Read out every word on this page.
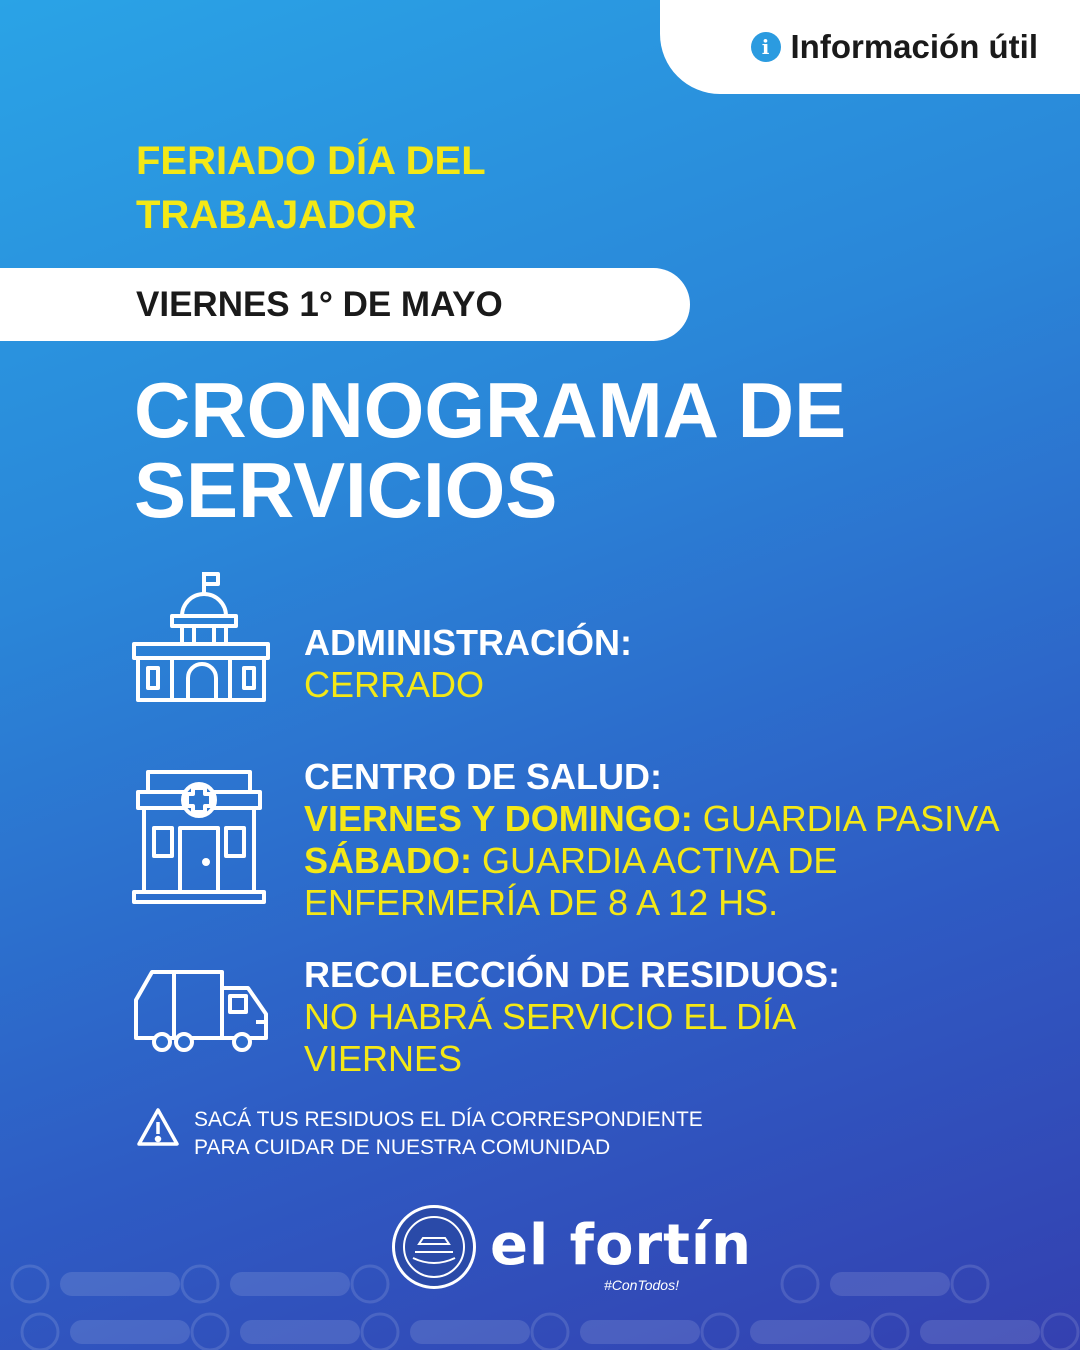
i Información útil
FERIADO DÍA DEL
TRABAJADOR
VIERNES 1° DE MAYO
CRONOGRAMA DE
SERVICIOS
ADMINISTRACIÓN:
CERRADO
CENTRO DE SALUD:
VIERNES Y DOMINGO: GUARDIA PASIVA
SÁBADO: GUARDIA ACTIVA DE
ENFERMERÍA DE 8 A 12 HS.
RECOLECCIÓN DE RESIDUOS:
NO HABRÁ SERVICIO EL DÍA
VIERNES
SACÁ TUS RESIDUOS EL DÍA CORRESPONDIENTE
PARA CUIDAR DE NUESTRA COMUNIDAD
el fortín
#ConTodos!
